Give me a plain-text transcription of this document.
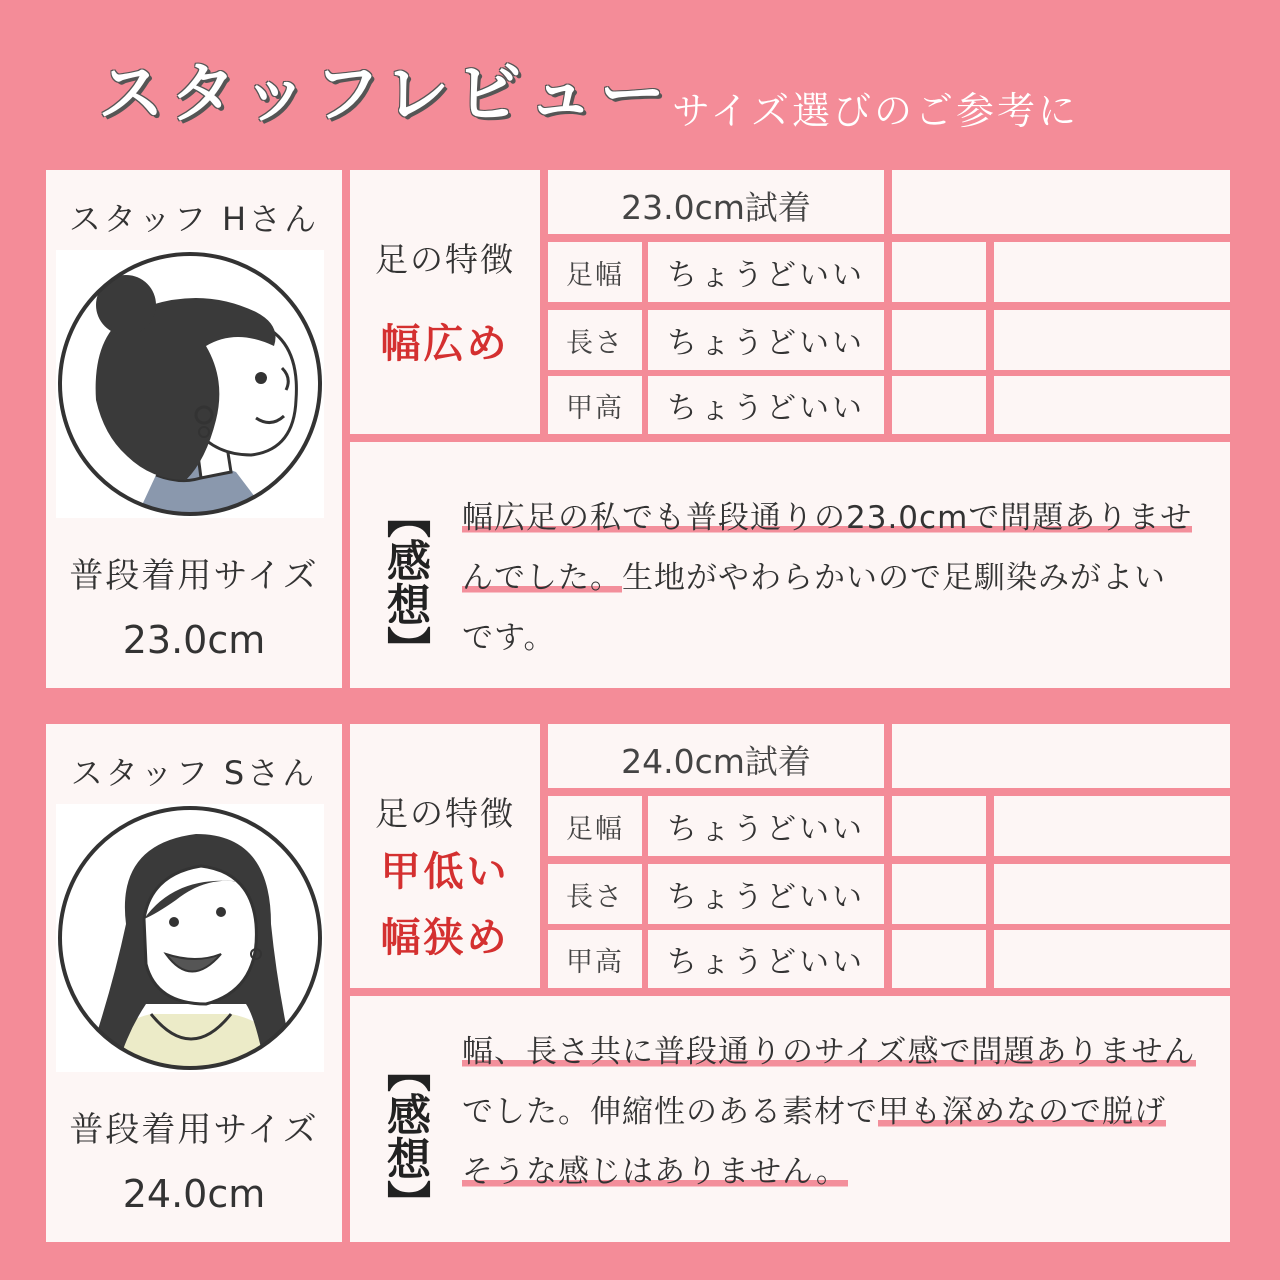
スタッフレビュー サイズ選びのご参考に
スタッフ Hさん
普段着用サイズ
23.0cm
足の特徴
幅広め
23.0cm試着
足幅	ちょうどいい
長さ	ちょうどいい
甲高	ちょうどいい
【感想】 幅広足の私でも普段通りの23.0cmで問題ありませんでした。生地がやわらかいので足馴染みがよいです。
スタッフ Sさん
普段着用サイズ
24.0cm
足の特徴
甲低い
幅狭め
24.0cm試着
足幅	ちょうどいい
長さ	ちょうどいい
甲高	ちょうどいい
【感想】 幅、長さ共に普段通りのサイズ感で問題ありませんでした。伸縮性のある素材で甲も深めなので脱げそうな感じはありません。
